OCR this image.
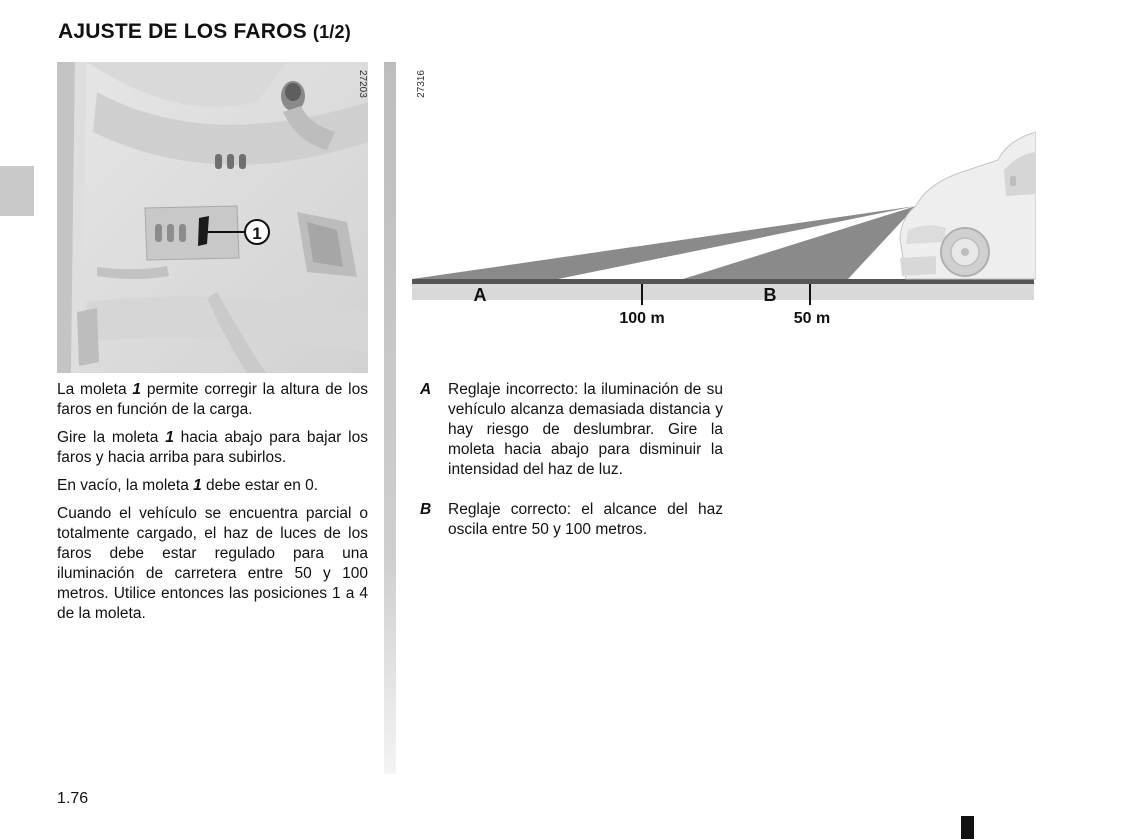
AJUSTE DE LOS FAROS (1/2)
1
27203	27316
A	B
100 m	50 m

La moleta 1 permite corregir la altura de los faros en función de la carga.

Gire la moleta 1 hacia abajo para bajar los faros y hacia arriba para subirlos.

En vacío, la moleta 1 debe estar en 0.

Cuando el vehículo se encuentra parcial o totalmente cargado, el haz de luces de los faros debe estar regulado para una iluminación de carretera entre 50 y 100 metros. Utilice entonces las posiciones 1 a 4 de la moleta.

A	Reglaje incorrecto: la iluminación de su vehículo alcanza demasiada distancia y hay riesgo de deslumbrar. Gire la moleta hacia abajo para disminuir la intensidad del haz de luz.
B	Reglaje correcto: el alcance del haz oscila entre 50 y 100 metros.
1.76
